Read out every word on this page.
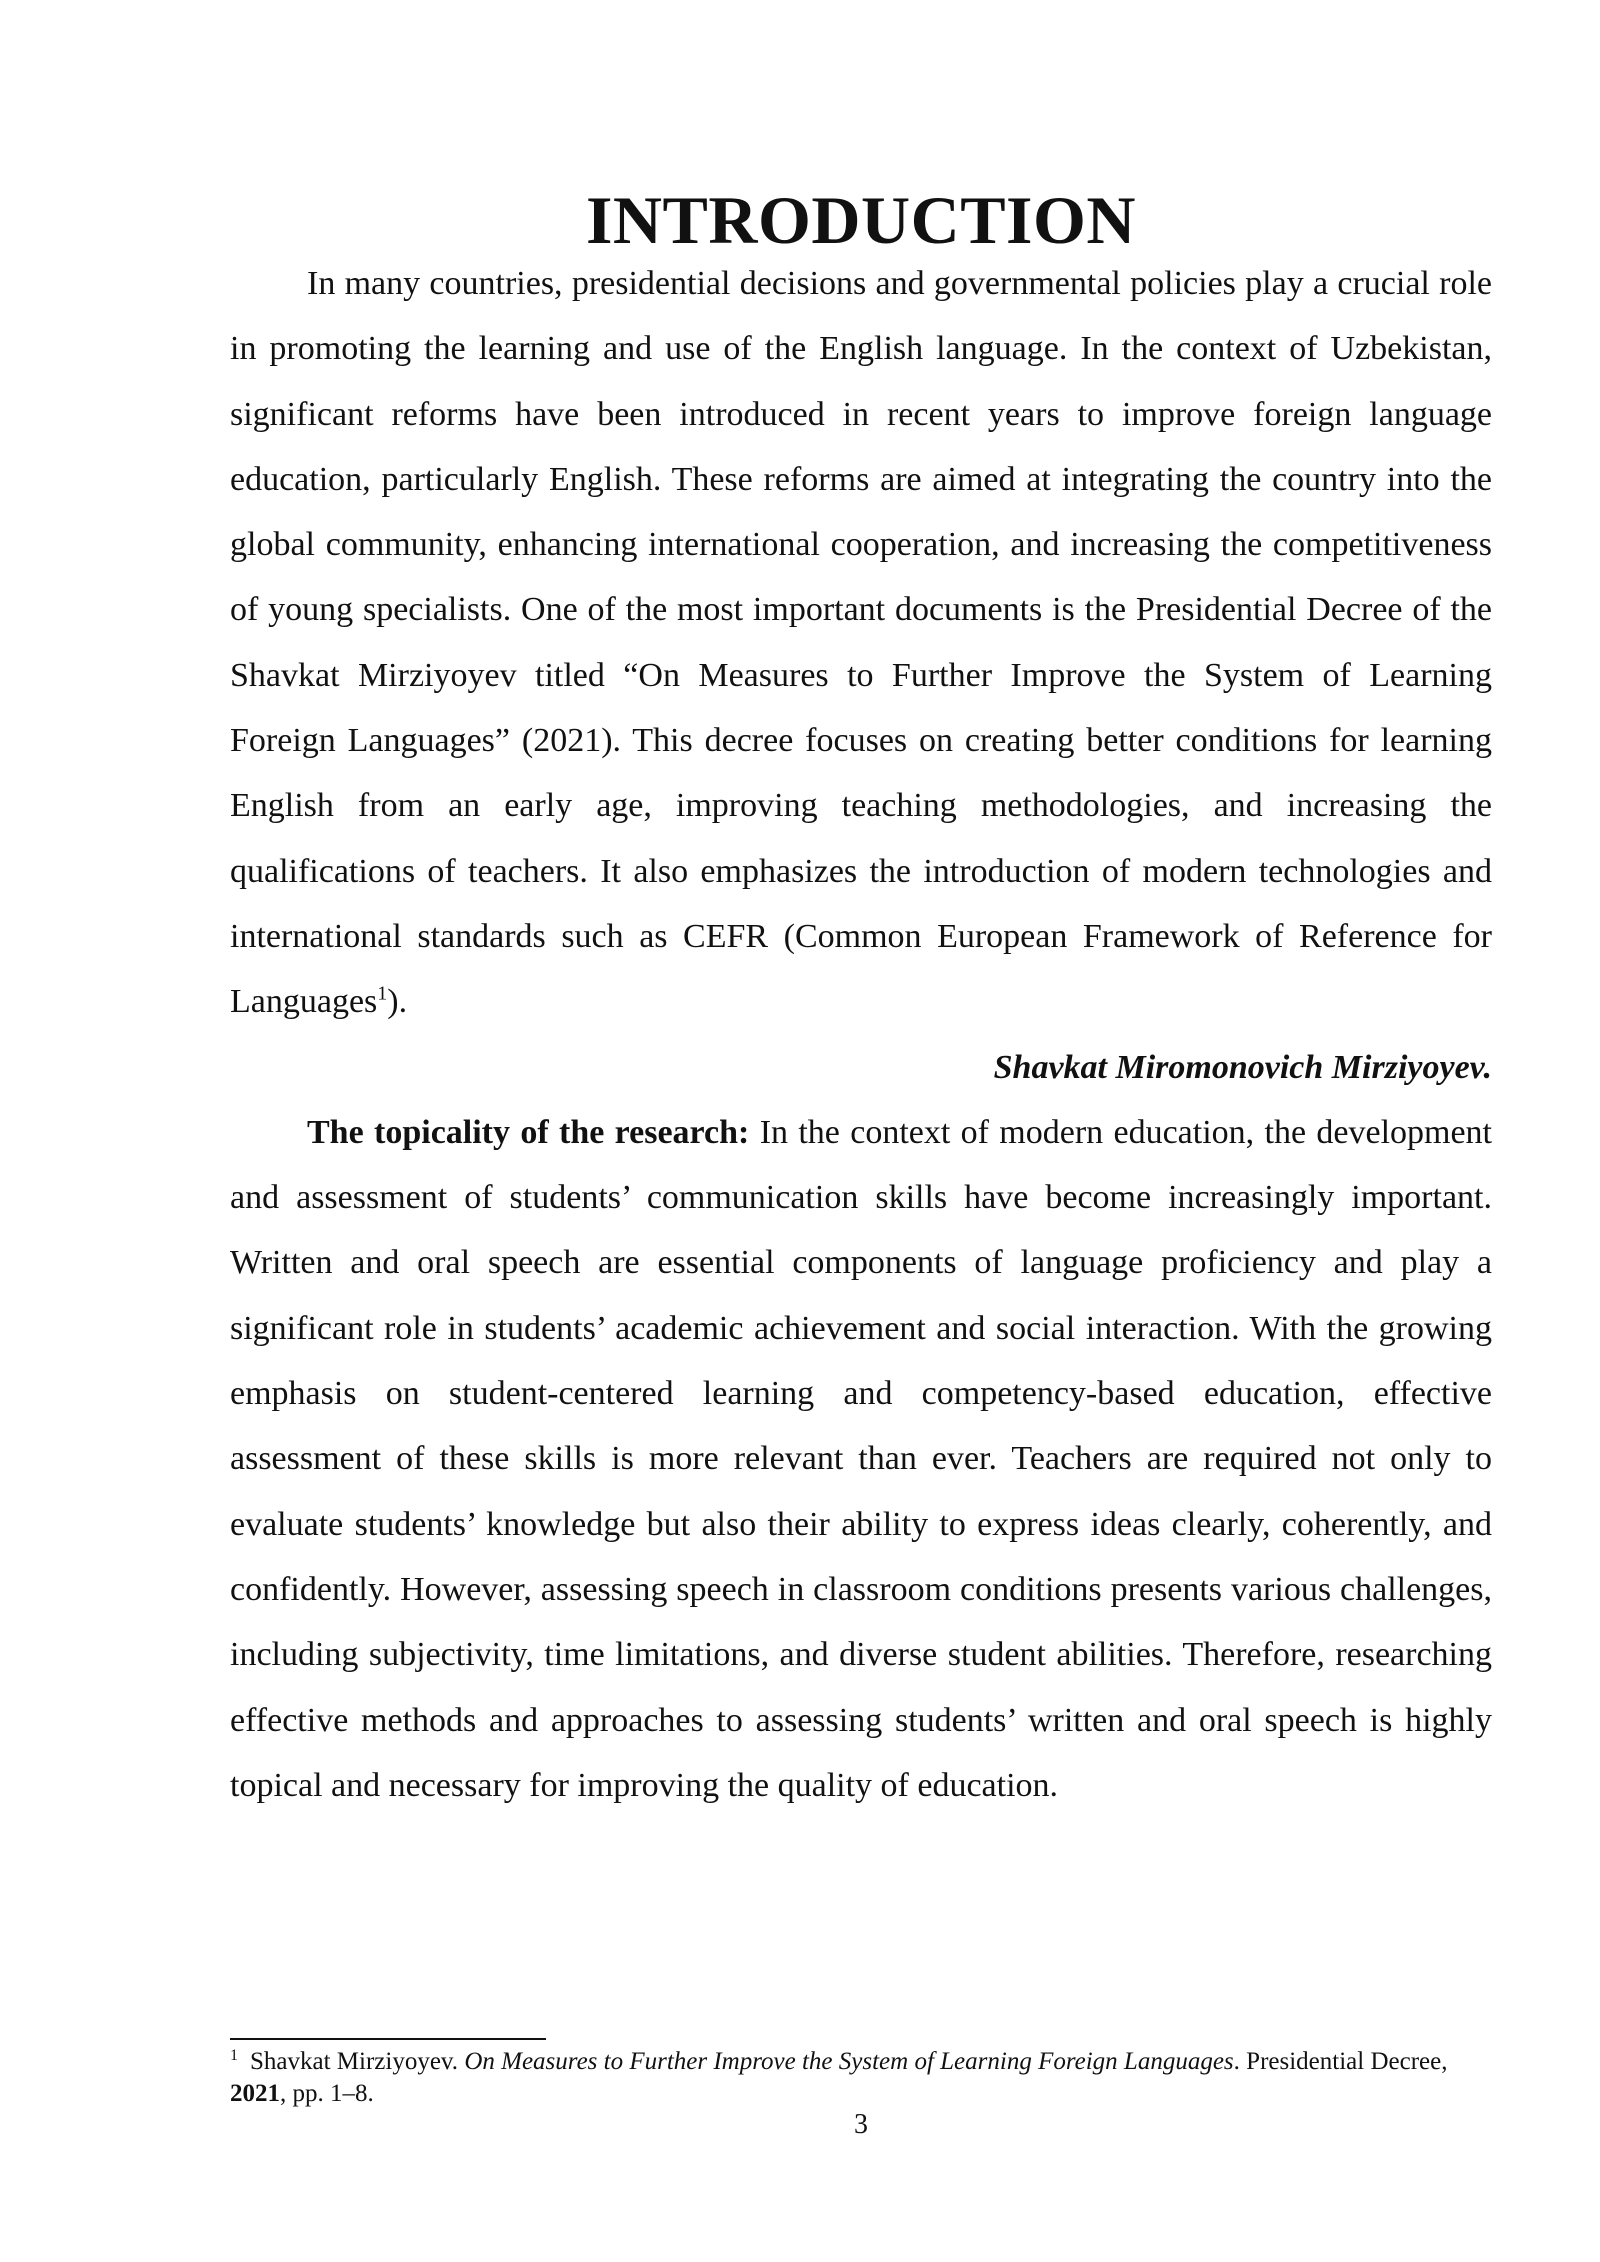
INTRODUCTION

In many countries, presidential decisions and governmental policies play a crucial role in promoting the learning and use of the English language. In the context of Uzbekistan, significant reforms have been introduced in recent years to improve foreign language education, particularly English. These reforms are aimed at integrating the country into the global community, enhancing international cooperation, and increasing the competitiveness of young specialists. One of the most important documents is the Presidential Decree of the Shavkat Mirziyoyev titled “On Measures to Further Improve the System of Learning Foreign Languages” (2021). This decree focuses on creating better conditions for learning English from an early age, improving teaching methodologies, and increasing the qualifications of teachers. It also emphasizes the introduction of modern technologies and international standards such as CEFR (Common European Framework of Reference for Languages$^1$).

Shavkat Miromonovich Mirziyoyev.

The topicality of the research: In the context of modern education, the development and assessment of students’ communication skills have become increasingly important. Written and oral speech are essential components of language proficiency and play a significant role in students’ academic achievement and social interaction. With the growing emphasis on student-centered learning and competency-based education, effective assessment of these skills is more relevant than ever. Teachers are required not only to evaluate students’ knowledge but also their ability to express ideas clearly, coherently, and confidently. However, assessing speech in classroom conditions presents various challenges, including subjectivity, time limitations, and diverse student abilities. Therefore, researching effective methods and approaches to assessing students’ written and oral speech is highly topical and necessary for improving the quality of education.

$^1$ Shavkat Mirziyoyev. On Measures to Further Improve the System of Learning Foreign Languages. Presidential Decree, 2021, pp. 1–8.
3
